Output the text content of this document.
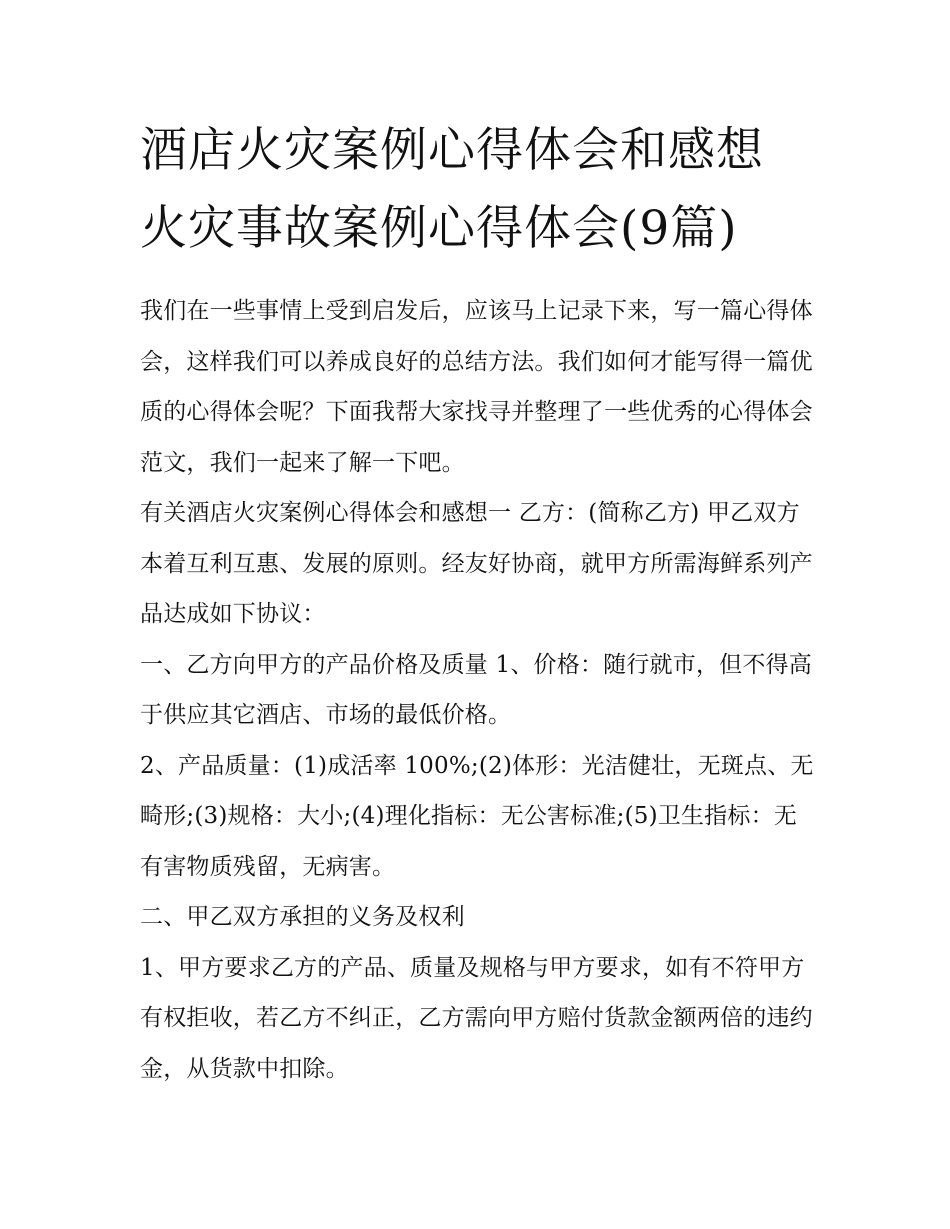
酒店火灾案例心得体会和感想
火灾事故案例心得体会(9篇)

我们在一些事情上受到启发后，应该马上记录下来，写一篇心得体会，这样我们可以养成良好的总结方法。我们如何才能写得一篇优质的心得体会呢？下面我帮大家找寻并整理了一些优秀的心得体会范文，我们一起来了解一下吧。

有关酒店火灾案例心得体会和感想一 乙方：(简称乙方) 甲乙双方本着互利互惠、发展的原则。经友好协商，就甲方所需海鲜系列产品达成如下协议：

一、乙方向甲方的产品价格及质量 1、价格：随行就市，但不得高于供应其它酒店、市场的最低价格。

2、产品质量：(1)成活率 100%;(2)体形：光洁健壮，无斑点、无畸形;(3)规格：大小;(4)理化指标：无公害标准;(5)卫生指标：无有害物质残留，无病害。

二、甲乙双方承担的义务及权利

1、甲方要求乙方的产品、质量及规格与甲方要求，如有不符甲方有权拒收，若乙方不纠正，乙方需向甲方赔付货款金额两倍的违约金，从货款中扣除。
